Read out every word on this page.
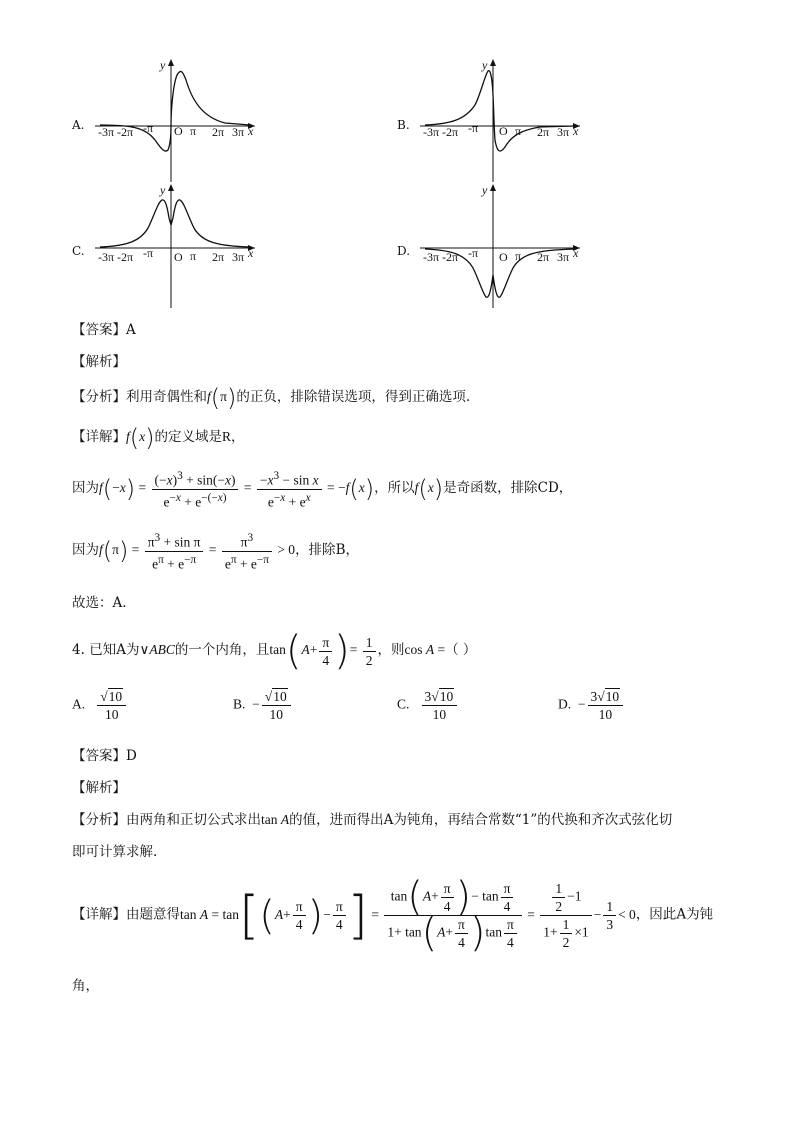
A.
y
x
O
-3π -2π -π	π 2π 3π	B.
y
x
O
-3π -2π -π	π 2π 3π
C.
y
x
O
-3π -2π -π	π 2π 3π	D.
y
x
O
-3π -2π -π	π 2π 3π
【答案】A
【解析】
【分析】利用奇偶性和f(π)的正负，排除错误选项，得到正确选项.
【详解】f(x)的定义域是R，
因为$f(-x) = \frac{(-x)^3 + \sin(-x)}{e^{-x} + e^{-(-x)}} = \frac{-x^3 - \sin x}{e^{-x} + e^x} = -f(x)$，所以f(x)是奇函数，排除CD，
因为$f(\pi) = \frac{\pi^3 + \sin \pi}{e^\pi + e^{-\pi}} = \frac{\pi^3}{e^\pi + e^{-\pi}} > 0$，排除B，
故选：A.
4. 已知A为∨ABC的一个内角，且$\tan(A+ \frac{\pi}{4}$ )= $\frac{1}{2}$ ，则cos A =（ ）
A. $\frac{√10}{10}$	B.  − $\frac{√10}{10}$	C. $\frac{3√10}{10}$	D.  − $\frac{3√10}{10}$
【答案】D
【解析】
【分析】由两角和正切公式求出tan A的值，进而得出A为钝角，再结合常数“1”的代换和齐次式弦化切
即可计算求解.
【详解】由题意得$\tan A = \tan[(A+ \frac{\pi}{4}$ )− $\frac{\pi}{4}$ ] = $\frac{\tan(A+ \frac{\pi}{4} )- \tan \frac{\pi}{4}}{1+ \tan(A+ \frac{\pi}{4} )\tan \frac{\pi}{4}} = \frac{\frac{1}{2} -1}{1+ \frac{1}{2} \times 1} - \frac{1}{3} < 0$，因此A为钝
角，
